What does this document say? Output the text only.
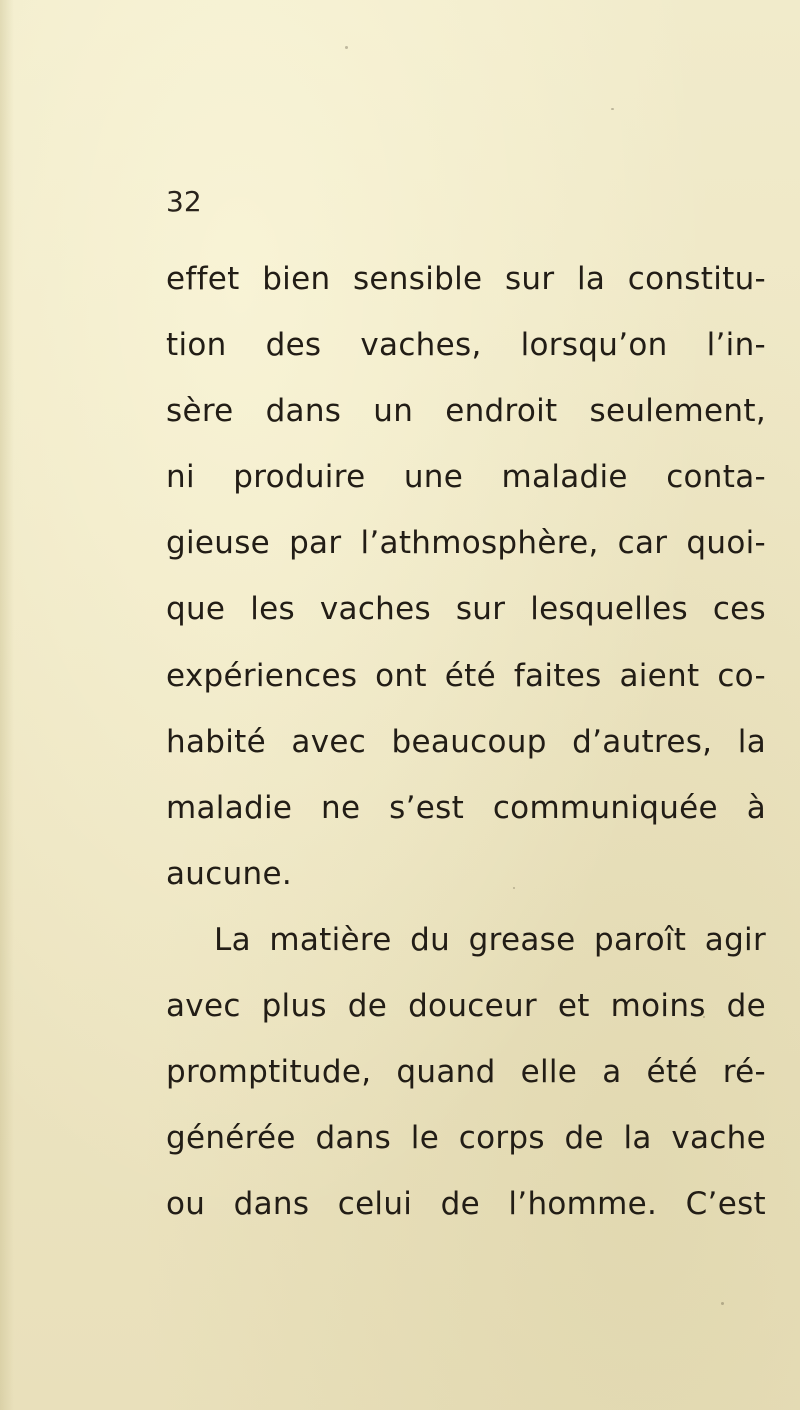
32
effet bien sensible sur la constitu-
tion des vaches, lorsqu’on l’in-
sère dans un endroit seulement,
ni produire une maladie conta-
gieuse par l’athmosphère, car quoi-
que les vaches sur lesquelles ces
expériences ont été faites aient co-
habité avec beaucoup d’autres, la
maladie ne s’est communiquée à
aucune.
La matière du grease paroît agir
avec plus de douceur et moins de
promptitude, quand elle a été ré-
générée dans le corps de la vache
ou dans celui de l’homme. C’est
